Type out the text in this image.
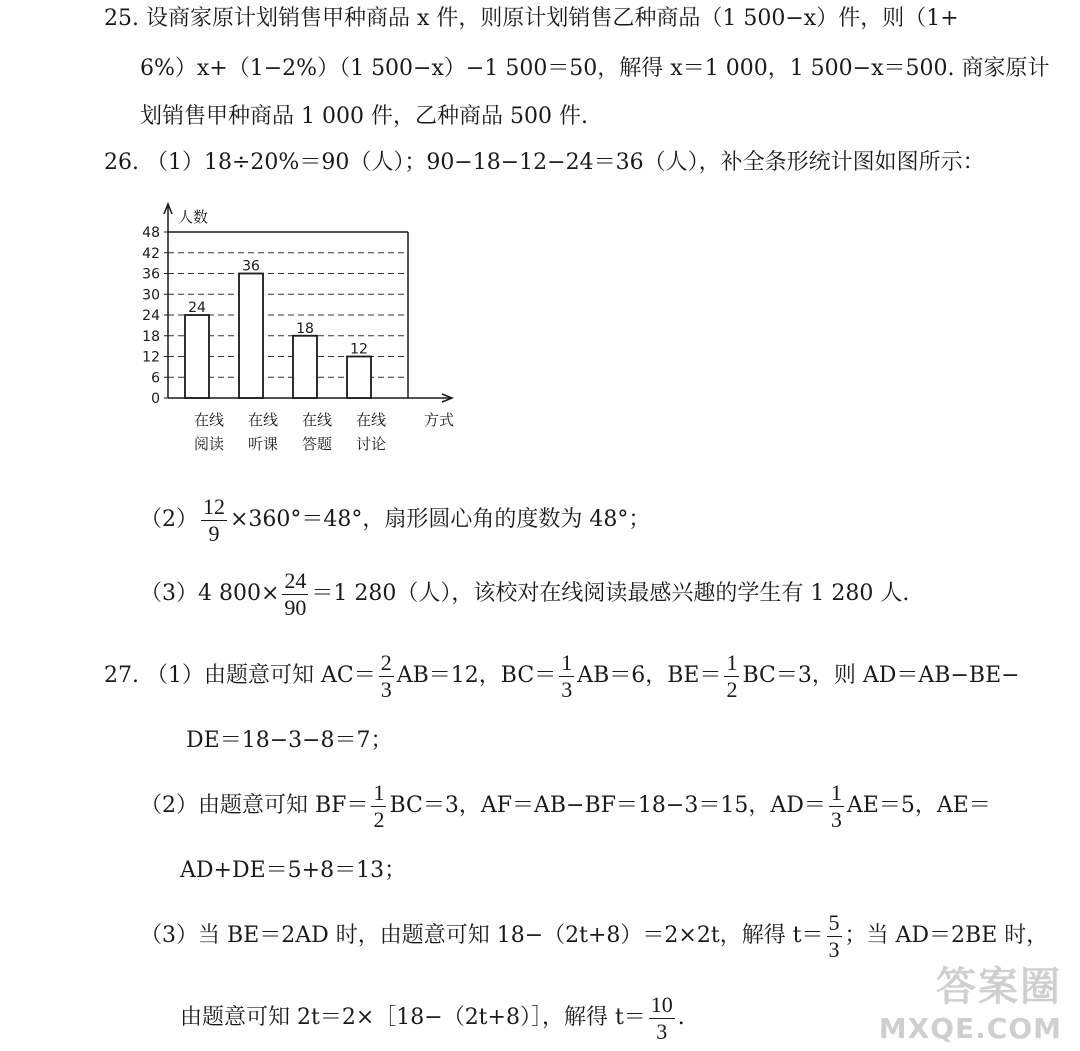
25. 设商家原计划销售甲种商品 x 件，则原计划销售乙种商品（1 500−x）件，则（1+
6%）x+（1−2%）（1 500−x）−1 500＝50，解得 x＝1 000，1 500−x＝500. 商家原计
划销售甲种商品 1 000 件，乙种商品 500 件.
26. （1）18÷20%＝90（人）；90−18−12−24＝36（人），补全条形统计图如图所示：
0
6
12
18
24
30
36
42
48
人数
方式
24
在线
阅读
36
在线
听课
18
在线
答题
12
在线
讨论
$(2) \frac{12}{9} \times 360^\circ=48^\circ$，扇形圆心角的度数为 48°；
（3）4 $800\times \frac{24}{90} =1$ 280（人），该校对在线阅读最感兴趣的学生有 1 280 人.
27. （1）由题意可知 $AC= \frac{2}{3} AB=12$，$BC= \frac{1}{3} AB=6$，$BE= \frac{1}{2} BC=3$，则 AD＝AB−BE−
DE＝18−3−8＝7；
（2）由题意可知 $BF= \frac{1}{2} BC=3$，AF＝AB−BF＝18−3＝15，$AD= \frac{1}{3} AE=5$，AE＝
AD+DE＝5+8＝13；
（3）当 BE＝2AD 时，由题意可知 18−（2t+8）＝2×2t，解得 $t= \frac{5}{3}$ ；当 AD＝2BE 时，
由题意可知 2t＝2×［18−（2t+8）］，解得 $t= \frac{10}{3}$ .
答案圈
MXQE.COM
